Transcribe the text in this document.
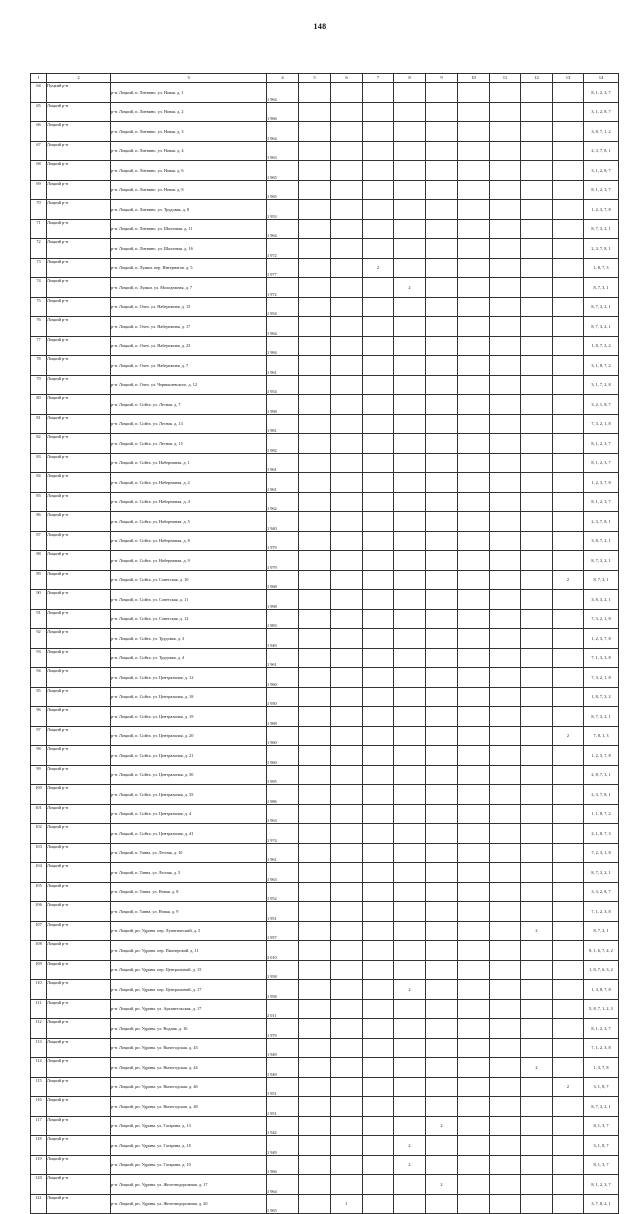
148
1	2	3	4	5	6	7	8	9	10	11	12	13	14
64	Пуцкий р-н	р-н. Лоцкий, п. Литвино. ул. Новая. д. 1	1 964										8, 1, 2, 3, 7
65	Лоцкий р-н	р-н. Лоцкий, п. Литвино. ул. Новая. д. 2	1 966										3, 1, 2, 8, 7
66	Лоцкий р-н	р-н. Лоцкий, п. Литвино. ул. Новая. д. 3	1 964										3, 8, 7, 1, 2
67	Лоцкий р-н	р-н. Лоцкий, п. Литвино. ул. Новая. д. 4	1 963										2, 3, 7, 8, 1
68	Лоцкий р-н	р-н. Лоцкий, п. Литвино. ул. Новая. д. 6	1 965										3, 1, 2, 8, 7
69	Лоцкий р-н	р-н. Лоцкий, п. Литвино. ул. Новая. д. 8	1 965										8, 1, 2, 3, 7
70	Лоцкий р-н	р-н. Лоцкий, п. Литвино. ул. Трудовая. д. 8	1 953										1, 2, 3, 7, 8
71	Лоцкий р-н	р-н. Лоцкий, п. Литвино. ул. Шахтовая. д. 11	1 964										8, 7, 3, 2, 1
72	Лоцкий р-н	р-н. Лоцкий, п. Литвино. ул. Шахтовая. д. 16	1 972										2, 3, 7, 8, 1
73	Лоцкий р-н	р-н. Лоцкий, п. Лужки. пер. Интернатов. д. 5	1 977			2							1, 8, 7, 3
74	Лоцкий р-н	р-н. Лоцкий, п. Лужки. ул. Молодежная. д. 7	1 972				2						8, 7, 3, 1
75	Лоцкий р-н	р-н. Лоцкий, п. Очео. ул. Набережная. д. 15	1 954										8, 7, 3, 2, 1
76	Лоцкий р-н	р-н. Лоцкий, п. Очео. ул. Набережная. д. 17	1 964										8, 7, 3, 2, 1
77	Лоцкий р-н	р-н. Лоцкий, п. Очео. ул. Набережная. д. 23	1 984										1, 8, 7, 3, 2
78	Лоцкий р-н	р-н. Лоцкий, п. Очео. ул. Набережная. д. 7	1 961										3, 1, 8, 7, 2
79	Лоцкий р-н	р-н. Лоцкий, п. Очео. ул. Чернышевского. д. 12	1 954										3, 1, 7, 2, 8
80	Лоцкий р-н	р-н. Лоцкий, п. Сойга. ул. Лесная. д. 7	1 998										3, 2, 1, 8, 7
81	Лоцкий р-н	р-н. Лоцкий, п. Сойга. ул. Лесная. д. 13	1 981										7, 3, 2, 1, 8
82	Лоцкий р-н	р-н. Лоцкий, п. Сойга. ул. Лесная. д. 15	1 982										8, 1, 2, 3, 7
83	Лоцкий р-н	р-н. Лоцкий, п. Сойга. ул. Набережная. д. 1	1 961										8, 1, 2, 3, 7
84	Лоцкий р-н	р-н. Лоцкий, п. Сойга. ул. Набережная. д. 2	1 961										1, 2, 3, 7, 8
85	Лоцкий р-н	р-н. Лоцкий, п. Сойга. ул. Набережная. д. 4	1 962										8, 1, 2, 3, 7
86	Лоцкий р-н	р-н. Лоцкий, п. Сойга. ул. Набережная. д. 5	1 940										2, 3, 7, 8, 1
87	Лоцкий р-н	р-н. Лоцкий, п. Сойга. ул. Набережная. д. 8	1 979										3, 8, 7, 2, 1
88	Лоцкий р-н	р-н. Лоцкий, п. Сойга. ул. Набережная. д. 9	1 979										8, 7, 3, 2, 1
89	Лоцкий р-н	р-н. Лоцкий, п. Сойга. ул. Советская. д. 10	1 968									2	8, 7, 3, 1
90	Лоцкий р-н	р-н. Лоцкий, п. Сойга. ул. Советская. д. 11	1 998										3, 8, 3, 2, 1
91	Лоцкий р-н	р-н. Лоцкий, п. Сойга. ул. Советская. д. 12	1 983										7, 3, 2, 1, 8
92	Лоцкий р-н	р-н. Лоцкий, п. Сойга. ул. Трудовая. д. 3	1 949										1, 2, 3, 7, 8
93	Лоцкий р-н	р-н. Лоцкий, п. Сойга. ул. Трудовая. д. 4	1 961										7, 1, 3, 3, 8
94	Лоцкий р-н	р-н. Лоцкий, п. Сойга. ул. Центральная. д. 12	1 960										7, 3, 2, 1, 8
95	Лоцкий р-н	р-н. Лоцкий, п. Сойга. ул. Центральная. д. 18	1 950										1, 8, 7, 3, 2
96	Лоцкий р-н	р-н. Лоцкий, п. Сойга. ул. Центральная. д. 19	1 988										8, 7, 3, 2, 1
97	Лоцкий р-н	р-н. Лоцкий, п. Сойга. ул. Центральная. д. 20	1 960									2	7, 8, 1, 3
98	Лоцкий р-н	р-н. Лоцкий, п. Сойга. ул. Центральная. д. 21	1 960										1, 2, 3, 7, 8
99	Лоцкий р-н	р-н. Лоцкий, п. Сойга. ул. Центральная. д. 30	1 995										2, 8, 7, 3, 1
100	Лоцкий р-н	р-н. Лоцкий, п. Сойга. ул. Центральная. д. 35	1 986										2, 3, 7, 8, 1
101	Лоцкий р-н	р-н. Лоцкий, п. Сойга. ул. Центральная. д. 4	1 963										1, 1, 8, 7, 2
102	Лоцкий р-н	р-н. Лоцкий, п. Сойга. ул. Центральная. д. 41	1 974										2, 1, 8, 7, 3
103	Лоцкий р-н	р-н. Лоцкий, п. Тавна. ул. Лесная. д. 10	1 961										7, 2, 3, 1, 8
104	Лоцкий р-н	р-н. Лоцкий, п. Тавна. ул. Лесная. д. 5	1 963										8, 7, 3, 2, 1
105	Лоцкий р-н	р-н. Лоцкий, п. Тавна. ул. Новая. д. 8	1 952										3, 3, 2, 8, 7
106	Лоцкий р-н	р-н. Лоцкий, п. Тавна. ул. Новая. д. 9	1 951										7, 1, 2, 3, 8
107	Лоцкий р-н	р-н. Лоцкий, рп. Удрина. пер. Лунатический. д. 5	1 957								2		8, 7, 3, 1
108	Лоцкий р-н	р-н. Лоцкий, рп. Удрина. пер. Пионерский. д. 11	2 010										8, 1, 6, 7, 4, 2
109	Лоцкий р-н	р-н. Лоцкий, рп. Удрина. пер. Центральный. д. 15	1 958										1, 8, 7, 6, 3, 2
110	Лоцкий р-н	р-н. Лоцкий, рп. Удрина. пер. Центральный. д. 17	1 958				2						1, 3, 8, 7, 8
111	Лоцкий р-н	р-н. Лоцкий, рп. Удрина. ул. Архангельская. д. 17	2 011										5, 8, 7, 1, 2, 3
112	Лоцкий р-н	р-н. Лоцкий, рп. Удрина. ул. Водная. д. 16	1 979										8, 1, 2, 3, 7
113	Лоцкий р-н	р-н. Лоцкий, рп. Удрина. ул. Вычегодская. д. 43	1 949										7, 1, 2, 3, 8
114	Лоцкий р-н	р-н. Лоцкий, рп. Удрина. ул. Вычегодская. д. 44	1 949								2		1, 3, 7, 8
115	Лоцкий р-н	р-н. Лоцкий, рп. Удрина. ул. Вычегодская. д. 46	1 951									2	3, 1, 8, 7
116	Лоцкий р-н	р-н. Лоцкий, рп. Удрина. ул. Вычегодская. д. 48	1 951										8, 7, 3, 2, 1
117	Лоцкий р-н	р-н. Лоцкий, рп. Удрина. ул. Гагарина. д. 13	1 942					2					8, 1, 3, 7
118	Лоцкий р-н	р-н. Лоцкий, рп. Удрина. ул. Гагарина. д. 18	1 949				2						3, 1, 8, 7
119	Лоцкий р-н	р-н. Лоцкий, рп. Удрина. ул. Гагарина. д. 10	1 966				2						8, 1, 3, 7
120	Лоцкий р-н	р-н. Лоцкий, рп. Удрина. ул. Железнодорожная. д. 17	1 964					2					8, 1, 2, 3, 7
121	Лоцкий р-н	р-н. Лоцкий, рп. Удрина. ул. Железнодорожная. д. 20	1 965		1								3, 7, 8, 2, 1
